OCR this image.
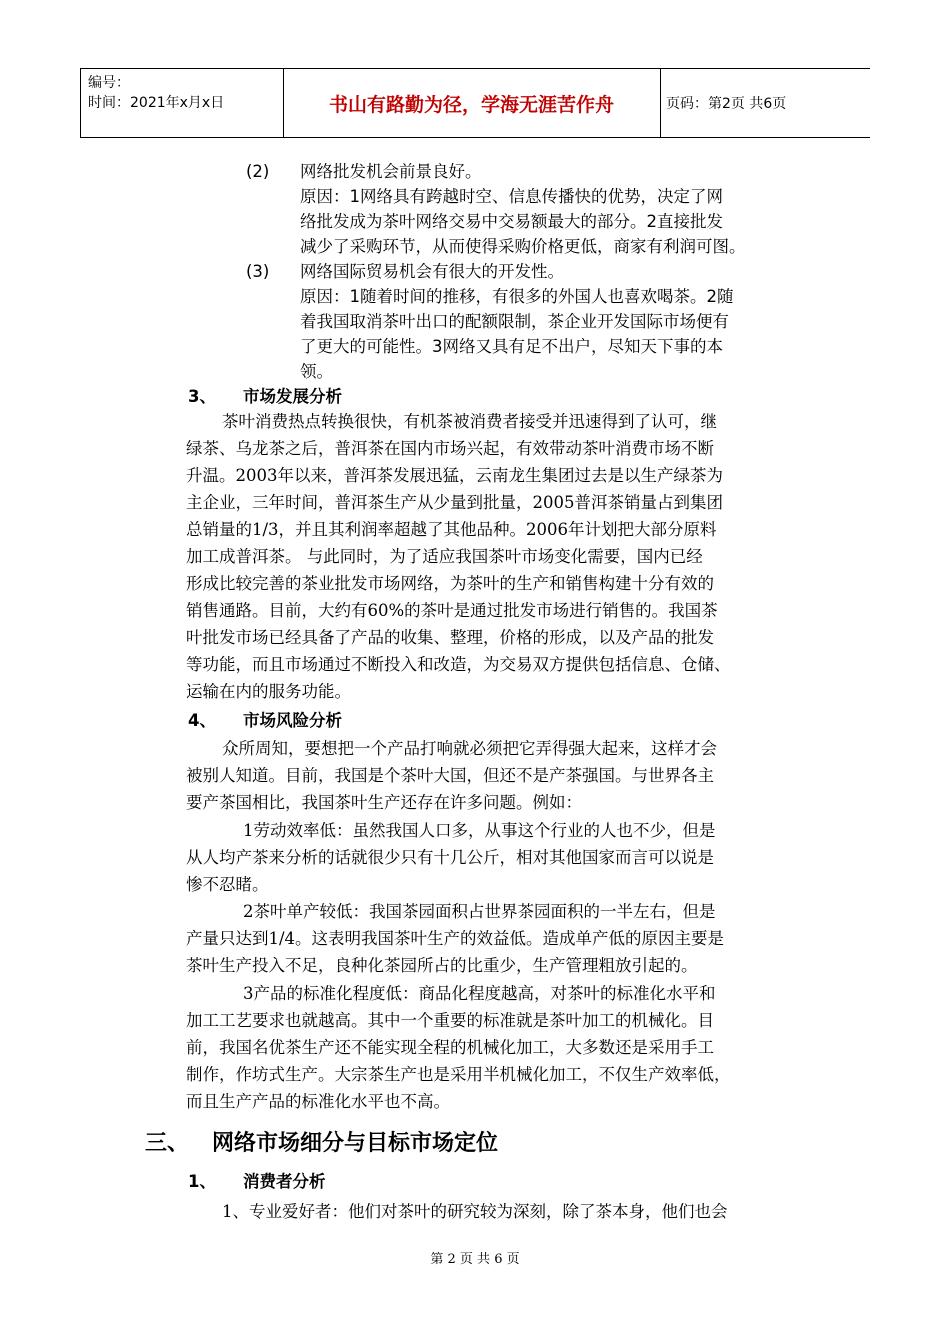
编号：
时间：2021年x月x日	书山有路勤为径，学海无涯苦作舟	页码：第2页 共6页
(2) 网络批发机会前景良好。
原因：1网络具有跨越时空、信息传播快的优势，决定了网
络批发成为茶叶网络交易中交易额最大的部分。2直接批发
减少了采购环节，从而使得采购价格更低，商家有利润可图。
(3) 网络国际贸易机会有很大的开发性。
原因：1随着时间的推移，有很多的外国人也喜欢喝茶。2随
着我国取消茶叶出口的配额限制，茶企业开发国际市场便有
了更大的可能性。3网络又具有足不出户，尽知天下事的本
领。
3、 市场发展分析
茶叶消费热点转换很快，有机茶被消费者接受并迅速得到了认可，继
绿茶、乌龙茶之后，普洱茶在国内市场兴起，有效带动茶叶消费市场不断
升温。2003年以来，普洱茶发展迅猛，云南龙生集团过去是以生产绿茶为
主企业，三年时间，普洱茶生产从少量到批量，2005普洱茶销量占到集团
总销量的1/3，并且其利润率超越了其他品种。2006年计划把大部分原料
加工成普洱茶。 与此同时，为了适应我国茶叶市场变化需要，国内已经
形成比较完善的茶业批发市场网络，为茶叶的生产和销售构建十分有效的
销售通路。目前，大约有60%的茶叶是通过批发市场进行销售的。我国茶
叶批发市场已经具备了产品的收集、整理，价格的形成，以及产品的批发
等功能，而且市场通过不断投入和改造，为交易双方提供包括信息、仓储、
运输在内的服务功能。
4、 市场风险分析
众所周知，要想把一个产品打响就必须把它弄得强大起来，这样才会
被别人知道。目前，我国是个茶叶大国，但还不是产茶强国。与世界各主
要产茶国相比，我国茶叶生产还存在许多问题。例如：
1劳动效率低：虽然我国人口多，从事这个行业的人也不少，但是
从人均产茶来分析的话就很少只有十几公斤，相对其他国家而言可以说是
惨不忍睹。
2茶叶单产较低：我国茶园面积占世界茶园面积的一半左右，但是
产量只达到1/4。这表明我国茶叶生产的效益低。造成单产低的原因主要是
茶叶生产投入不足，良种化茶园所占的比重少，生产管理粗放引起的。
3产品的标准化程度低：商品化程度越高，对茶叶的标准化水平和
加工工艺要求也就越高。其中一个重要的标准就是茶叶加工的机械化。目
前，我国名优茶生产还不能实现全程的机械化加工，大多数还是采用手工
制作，作坊式生产。大宗茶生产也是采用半机械化加工，不仅生产效率低，
而且生产产品的标准化水平也不高。
三、 网络市场细分与目标市场定位
1、 消费者分析
1、专业爱好者：他们对茶叶的研究较为深刻，除了茶本身，他们也会
第 2 页 共 6 页
